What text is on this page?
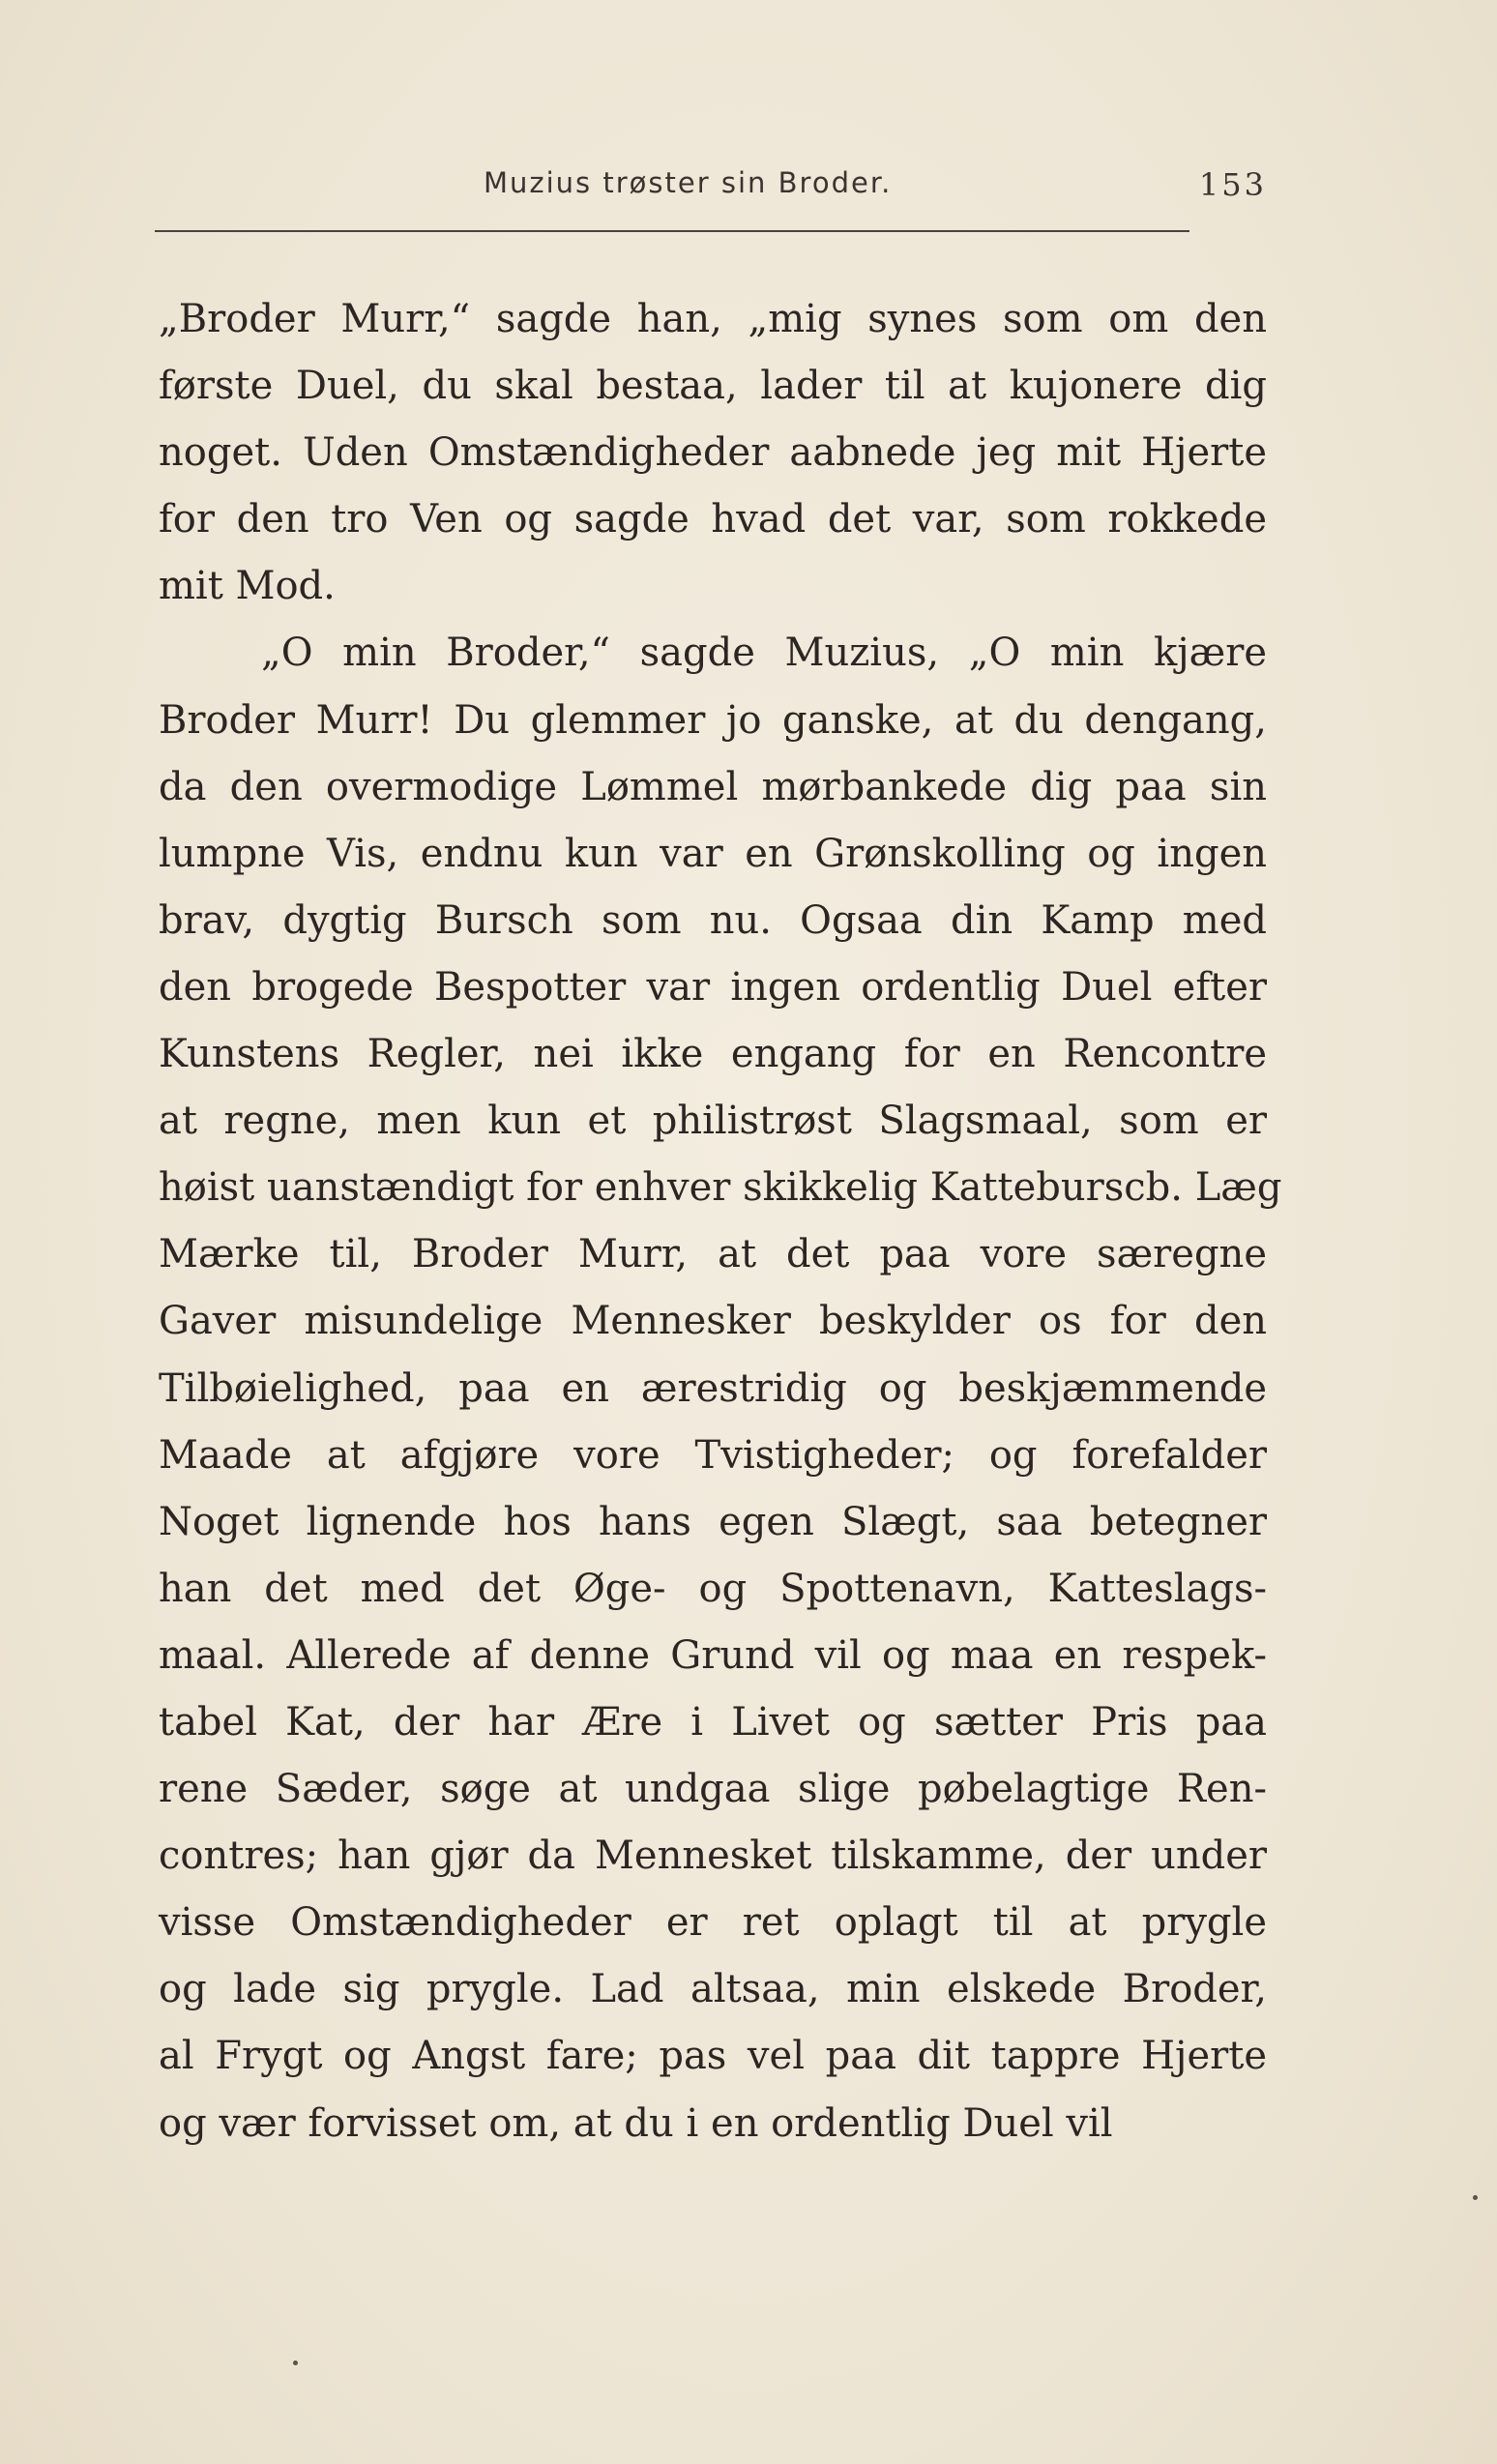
Muzius trøster sin Broder.	153
„Broder Murr,“ sagde han, „mig synes som om den
første Duel, du skal bestaa, lader til at kujonere dig
noget. Uden Omstændigheder aabnede jeg mit Hjerte
for den tro Ven og sagde hvad det var, som rokkede
mit Mod.
„O min Broder,“ sagde Muzius, „O min kjære
Broder Murr! Du glemmer jo ganske, at du dengang,
da den overmodige Lømmel mørbankede dig paa sin
lumpne Vis, endnu kun var en Grønskolling og ingen
brav, dygtig Bursch som nu. Ogsaa din Kamp med
den brogede Bespotter var ingen ordentlig Duel efter
Kunstens Regler, nei ikke engang for en Rencontre
at regne, men kun et philistrøst Slagsmaal, som er
høist uanstændigt for enhver skikkelig Katteburscb. Læg
Mærke til, Broder Murr, at det paa vore særegne
Gaver misundelige Mennesker beskylder os for den
Tilbøielighed, paa en ærestridig og beskjæmmende
Maade at afgjøre vore Tvistigheder; og forefalder
Noget lignende hos hans egen Slægt, saa betegner
han det med det Øge- og Spottenavn, Katteslags-
maal. Allerede af denne Grund vil og maa en respek-
tabel Kat, der har Ære i Livet og sætter Pris paa
rene Sæder, søge at undgaa slige pøbelagtige Ren-
contres; han gjør da Mennesket tilskamme, der under
visse Omstændigheder er ret oplagt til at prygle
og lade sig prygle. Lad altsaa, min elskede Broder,
al Frygt og Angst fare; pas vel paa dit tappre Hjerte
og vær forvisset om, at du i en ordentlig Duel vil
